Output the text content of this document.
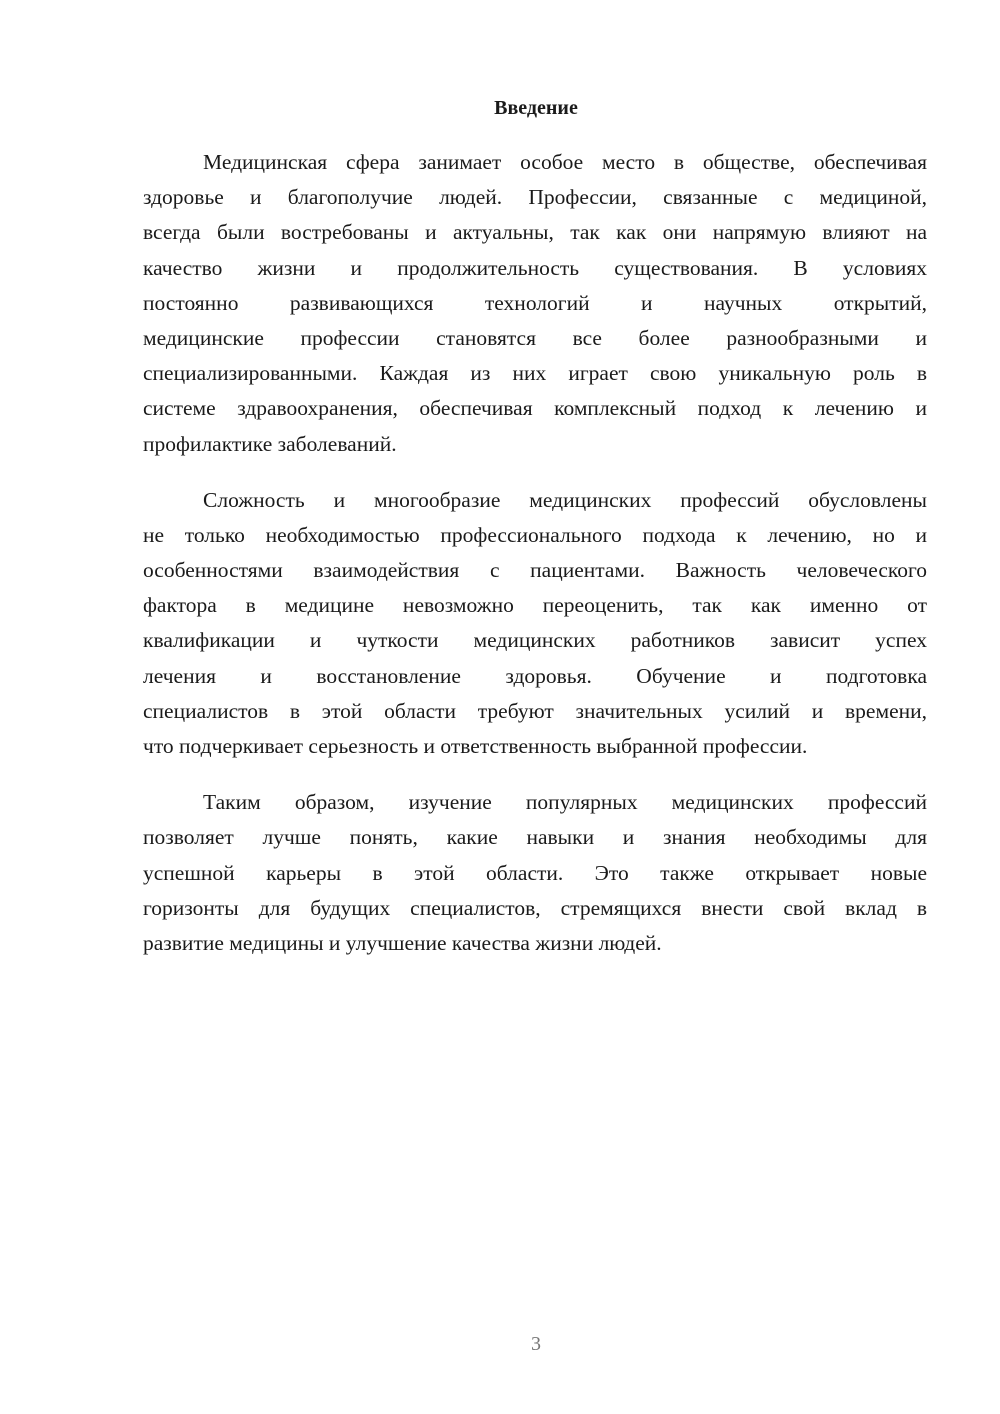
Введение
Медицинская сфера занимает особое место в обществе, обеспечивая
здоровье и благополучие людей. Профессии, связанные с медициной,
всегда были востребованы и актуальны, так как они напрямую влияют на
качество жизни и продолжительность существования. В условиях
постоянно развивающихся технологий и научных открытий,
медицинские профессии становятся все более разнообразными и
специализированными. Каждая из них играет свою уникальную роль в
системе здравоохранения, обеспечивая комплексный подход к лечению и
профилактике заболеваний.
Сложность и многообразие медицинских профессий обусловлены
не только необходимостью профессионального подхода к лечению, но и
особенностями взаимодействия с пациентами. Важность человеческого
фактора в медицине невозможно переоценить, так как именно от
квалификации и чуткости медицинских работников зависит успех
лечения и восстановление здоровья. Обучение и подготовка
специалистов в этой области требуют значительных усилий и времени,
что подчеркивает серьезность и ответственность выбранной профессии.
Таким образом, изучение популярных медицинских профессий
позволяет лучше понять, какие навыки и знания необходимы для
успешной карьеры в этой области. Это также открывает новые
горизонты для будущих специалистов, стремящихся внести свой вклад в
развитие медицины и улучшение качества жизни людей.
3
